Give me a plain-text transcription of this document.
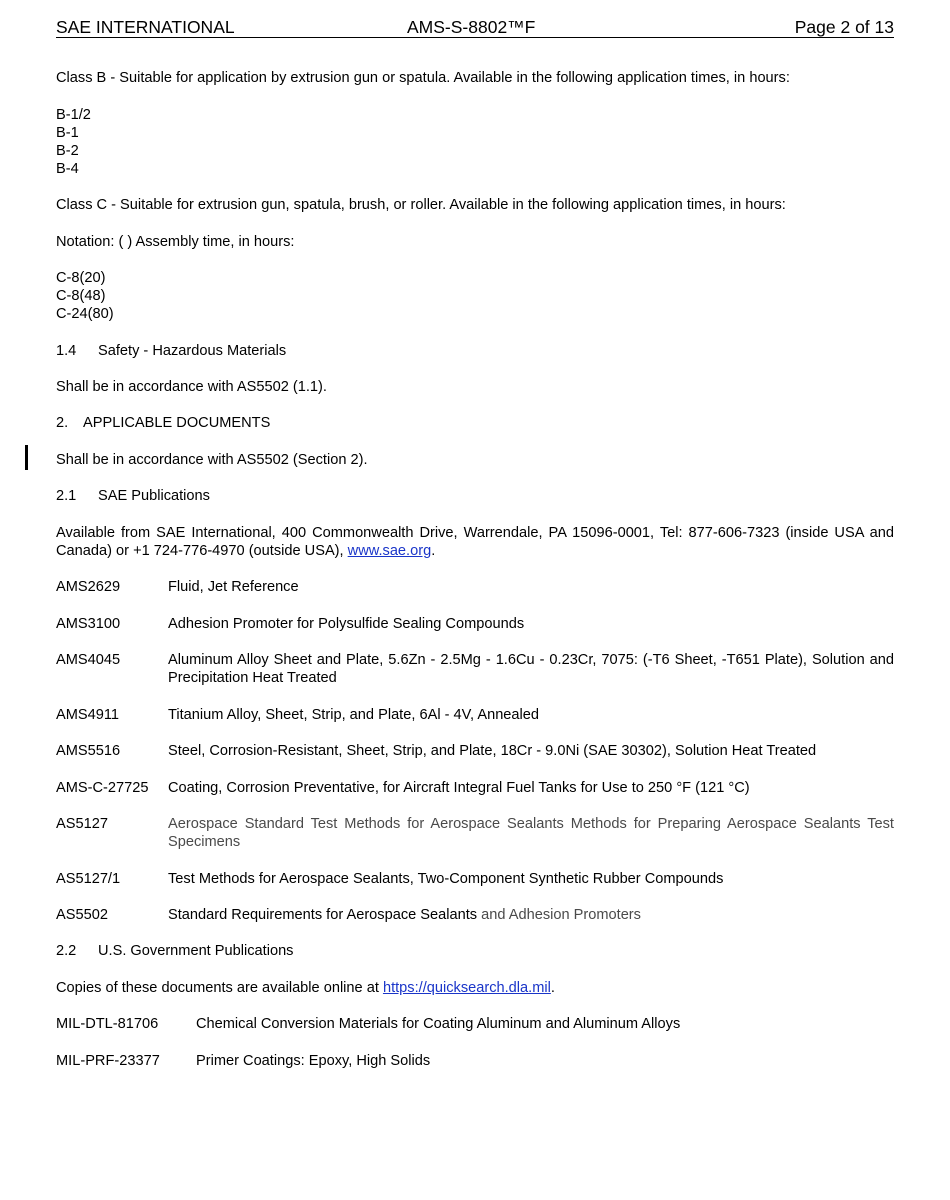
SAE INTERNATIONAL	AMS-S-8802™F	Page 2 of 13
Class B - Suitable for application by extrusion gun or spatula. Available in the following application times, in hours:
B-1/2
B-1
B-2
B-4
Class C - Suitable for extrusion gun, spatula, brush, or roller. Available in the following application times, in hours:
Notation: ( ) Assembly time, in hours:
C-8(20)
C-8(48)
C-24(80)
1.4 Safety - Hazardous Materials
Shall be in accordance with AS5502 (1.1).
2. APPLICABLE DOCUMENTS
Shall be in accordance with AS5502 (Section 2).
2.1 SAE Publications
Available from SAE International, 400 Commonwealth Drive, Warrendale, PA 15096-0001, Tel: 877-606-7323 (inside USA and Canada) or +1 724-776-4970 (outside USA), www.sae.org.
AMS2629	Fluid, Jet Reference
AMS3100	Adhesion Promoter for Polysulfide Sealing Compounds
AMS4045	Aluminum Alloy Sheet and Plate, 5.6Zn - 2.5Mg - 1.6Cu - 0.23Cr, 7075: (-T6 Sheet, -T651 Plate), Solution and Precipitation Heat Treated
AMS4911	Titanium Alloy, Sheet, Strip, and Plate, 6Al - 4V, Annealed
AMS5516	Steel, Corrosion-Resistant, Sheet, Strip, and Plate, 18Cr - 9.0Ni (SAE 30302), Solution Heat Treated
AMS-C-27725 Coating, Corrosion Preventative, for Aircraft Integral Fuel Tanks for Use to 250 °F (121 °C)
AS5127	Aerospace Standard Test Methods for Aerospace Sealants Methods for Preparing Aerospace Sealants Test Specimens
AS5127/1	Test Methods for Aerospace Sealants, Two-Component Synthetic Rubber Compounds
AS5502	Standard Requirements for Aerospace Sealants and Adhesion Promoters
2.2 U.S. Government Publications
Copies of these documents are available online at https://quicksearch.dla.mil.
MIL-DTL-81706	Chemical Conversion Materials for Coating Aluminum and Aluminum Alloys
MIL-PRF-23377 Primer Coatings: Epoxy, High Solids
